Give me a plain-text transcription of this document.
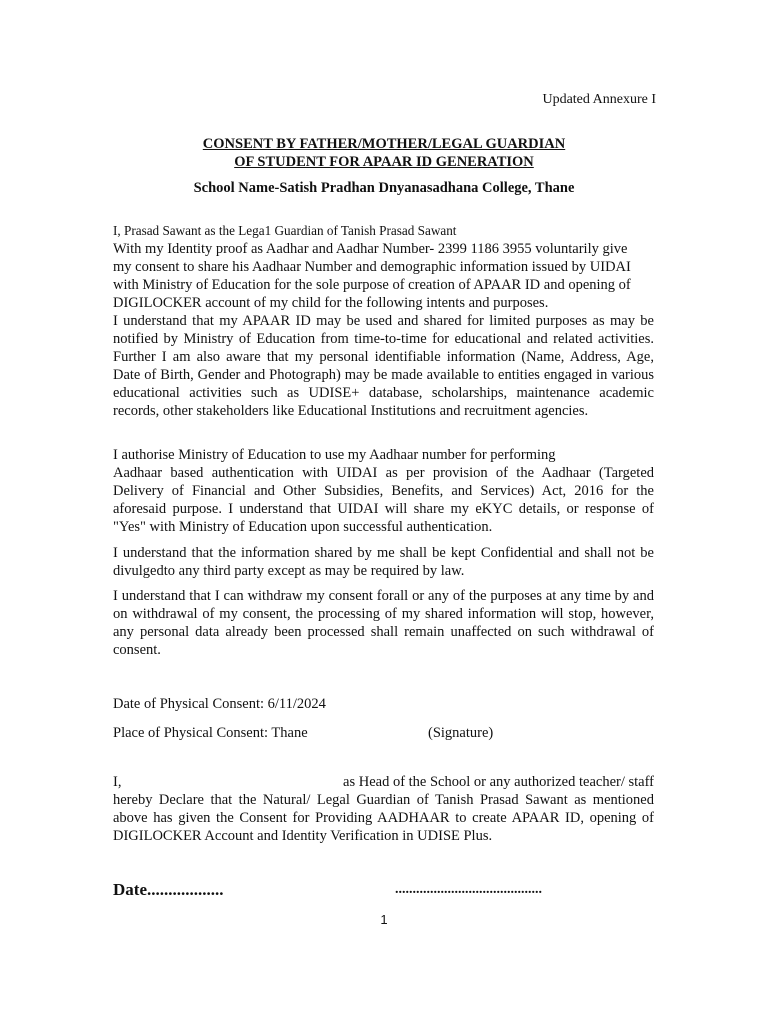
Updated Annexure I
CONSENT BY FATHER/MOTHER/LEGAL GUARDIAN
OF STUDENT FOR APAAR ID GENERATION
School Name-Satish Pradhan Dnyanasadhana College, Thane
I, Prasad Sawant as the Lega1 Guardian of Tanish Prasad Sawant
With my Identity proof as Aadhar and Aadhar Number- 2399 1186 3955 voluntarily give
my consent to share his Aadhaar Number and demographic information issued by UIDAI
with Ministry of Education for the sole purpose of creation of APAAR ID and opening of
DIGILOCKER account of my child for the following intents and purposes.
I understand that my APAAR ID may be used and shared for limited purposes as may be notified by Ministry of Education from time-to-time for educational and related activities. Further I am also aware that my personal identifiable information (Name, Address, Age, Date of Birth, Gender and Photograph) may be made available to entities engaged in various educational activities such as UDISE+ database, scholarships, maintenance academic records, other stakeholders like Educational Institutions and recruitment agencies.
I authorise Ministry of Education to use my Aadhaar number for performing
Aadhaar based authentication with UIDAI as per provision of the Aadhaar (Targeted Delivery of Financial and Other Subsidies, Benefits, and Services) Act, 2016 for the aforesaid purpose. I understand that UIDAI will share my eKYC details, or response of "Yes" with Ministry of Education upon successful authentication.
I understand that the information shared by me shall be kept Confidential and shall not be divulgedto any third party except as may be required by law.
I understand that I can withdraw my consent forall or any of the purposes at any time by and on withdrawal of my consent, the processing of my shared information will stop, however, any personal data already been processed shall remain unaffected on such withdrawal of consent.
Date of Physical Consent: 6/11/2024
Place of Physical Consent: Thane	(Signature)
I,	as Head of the School or any authorized teacher/ staff
hereby Declare that the Natural/ Legal Guardian of Tanish Prasad Sawant as mentioned above has given the Consent for Providing AADHAAR to create APAAR ID, opening of DIGILOCKER Account and Identity Verification in UDISE Plus.
Date..................	..........................................
1
